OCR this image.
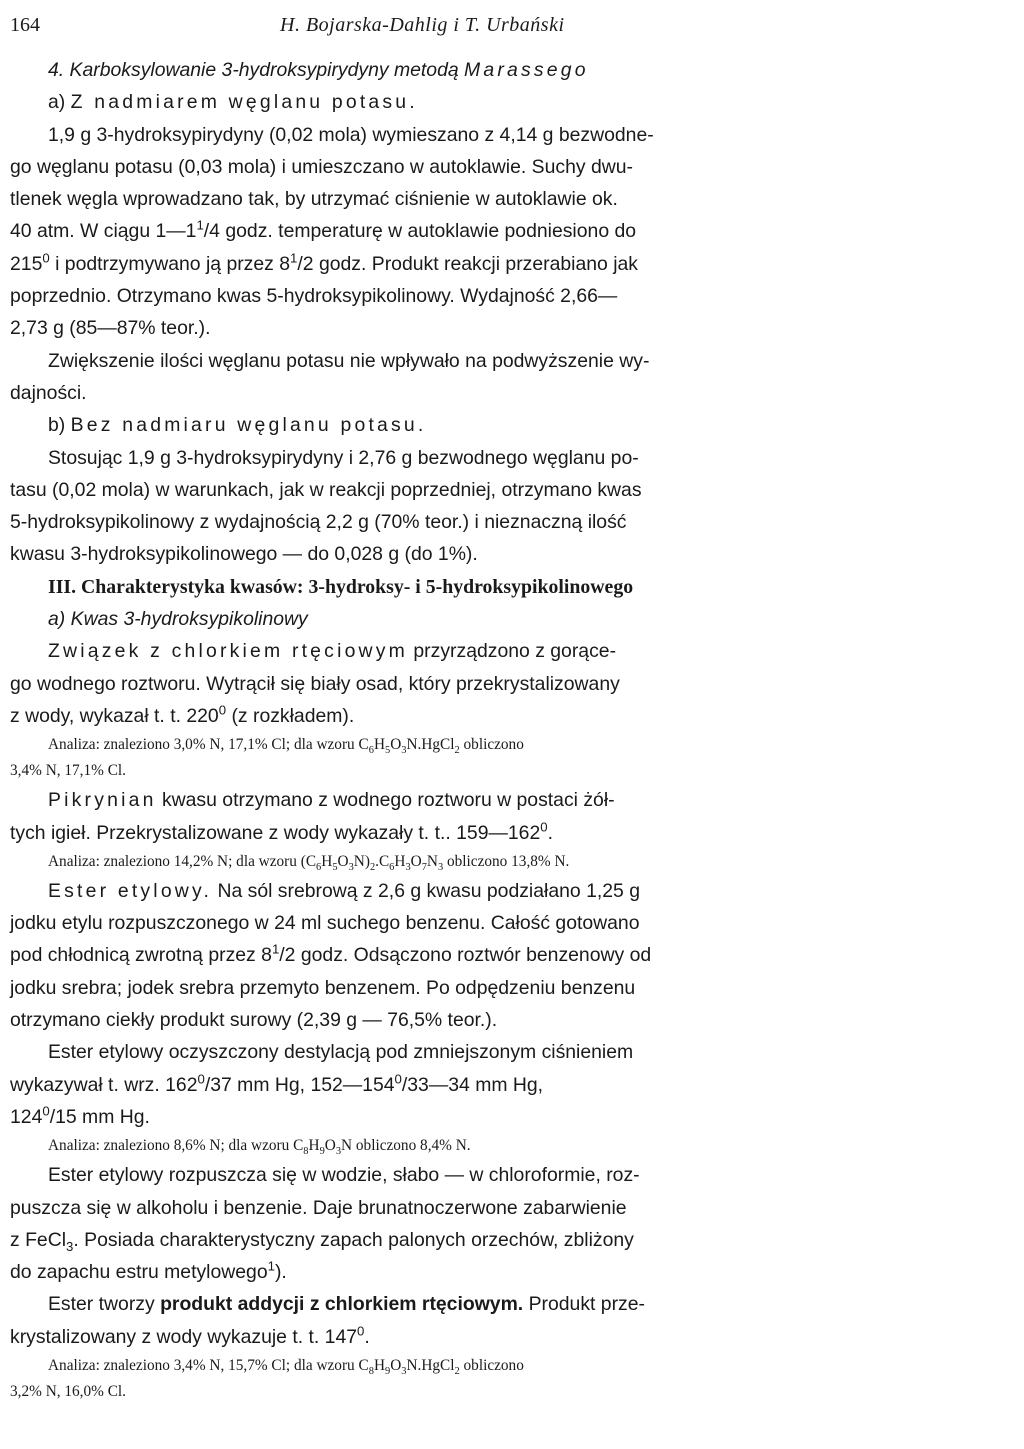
164	H. Bojarska-Dahlig i T. Urbański

4. Karboksylowanie 3-hydroksypirydyny metodą Marassego

a) Z nadmiarem węglanu potasu.

1,9 g 3-hydroksypirydyny (0,02 mola) wymieszano z 4,14 g bezwodne-

go węglanu potasu (0,03 mola) i umieszczano w autoklawie. Suchy dwu-

tlenek węgla wprowadzano tak, by utrzymać ciśnienie w autoklawie ok.

40 atm. W ciągu $1—1^1/4$ godz. temperaturę w autoklawie podniesiono do

$215^0$ i podtrzymywano ją przez $8^1/2$ godz. Produkt reakcji przerabiano jak

poprzednio. Otrzymano kwas 5-hydroksypikolinowy. Wydajność 2,66—

2,73 g (85—87% teor.).

Zwiększenie ilości węglanu potasu nie wpływało na podwyższenie wy-

dajności.

b) Bez nadmiaru węglanu potasu.

Stosując 1,9 g 3-hydroksypirydyny i 2,76 g bezwodnego węglanu po-

tasu (0,02 mola) w warunkach, jak w reakcji poprzedniej, otrzymano kwas

5-hydroksypikolinowy z wydajnością 2,2 g (70% teor.) i nieznaczną ilość

kwasu 3-hydroksypikolinowego — do 0,028 g (do 1%).

III. Charakterystyka kwasów: 3-hydroksy- i 5-hydroksypikolinowego

a) Kwas 3-hydroksypikolinowy

Związek z chlorkiem rtęciowym przyrządzono z gorące-

go wodnego roztworu. Wytrącił się biały osad, który przekrystalizowany

z wody, wykazał t. t. $220^0$ (z rozkładem).

Analiza: znaleziono 3,0% N, 17,1% Cl; dla wzoru $C_6H_5O_3N.HgCl_2$ obliczono

3,4% N, 17,1% Cl.

Pikrynian kwasu otrzymano z wodnego roztworu w postaci żół-

tych igieł. Przekrystalizowane z wody wykazały t. t.. $159—162^0$.

Analiza: znaleziono 14,2% N; dla wzoru $(C_6H_5O_3N)_2.C_6H_3O_7N_3$ obliczono 13,8% N.

Ester etylowy. Na sól srebrową z 2,6 g kwasu podziałano 1,25 g

jodku etylu rozpuszczonego w 24 ml suchego benzenu. Całość gotowano

pod chłodnicą zwrotną przez $8^1/2$ godz. Odsączono roztwór benzenowy od

jodku srebra; jodek srebra przemyto benzenem. Po odpędzeniu benzenu

otrzymano ciekły produkt surowy (2,39 g — 76,5% teor.).

Ester etylowy oczyszczony destylacją pod zmniejszonym ciśnieniem

wykazywał t. wrz. $162^0/37$ mm Hg, $152—154^0/33—34$ mm Hg,

$124^0/15$ mm Hg.

Analiza: znaleziono 8,6% N; dla wzoru $C_8H_9O_3N$ obliczono 8,4% N.

Ester etylowy rozpuszcza się w wodzie, słabo — w chloroformie, roz-

puszcza się w alkoholu i benzenie. Daje brunatnoczerwone zabarwienie

z FeCl$_3$. Posiada charakterystyczny zapach palonych orzechów, zbliżony

do zapachu estru metylowego$^1$).

Ester tworzy produkt addycji z chlorkiem rtęciowym. Produkt prze-

krystalizowany z wody wykazuje t. t. $147^0$.

Analiza: znaleziono 3,4% N, 15,7% Cl; dla wzoru $C_8H_9O_3N.HgCl_2$ obliczono

3,2% N, 16,0% Cl.
